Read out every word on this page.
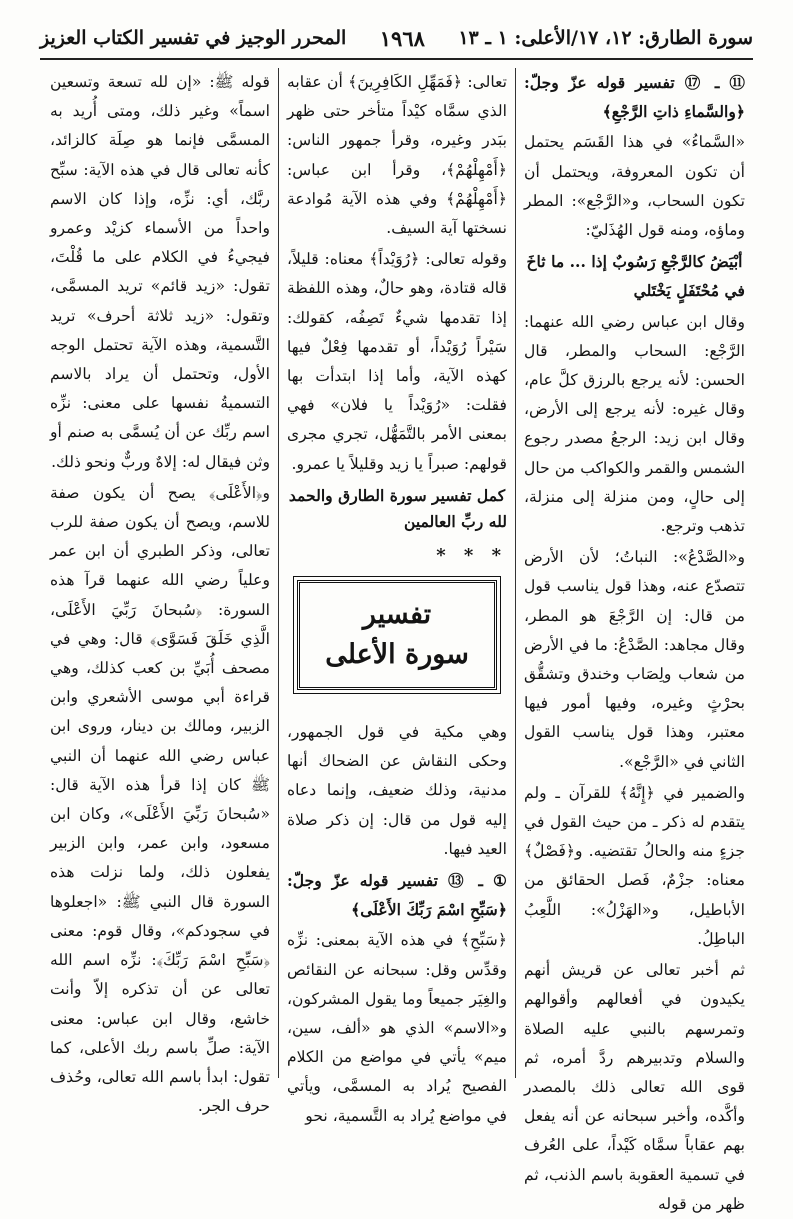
سورة الطارق: ١٢، ١٧/الأعلى: ١ ـ ١٣
١٩٦٨
المحرر الوجيز في تفسير الكتاب العزيز

⑪ ـ ⑰ تفسير قوله عزّ وجلّ: ﴿والسَّماءِ ذاتِ الرَّجْعِ﴾

«السَّماءُ» في هذا القَسَم يحتمل أن تكون المعروفة، ويحتمل أن تكون السحاب، و«الرَّجْع»: المطر وماؤه، ومنه قول الهُذَليّ:

أبْيَضُ كالرَّجْعِ رَسُوبٌ إذا ... ما ثاخَ في مُحْتَفَلٍ يَخْتَلي

وقال ابن عباس رضي الله عنهما: الرَّجْع: السحاب والمطر، قال الحسن: لأنه يرجع بالرزق كلَّ عام، وقال غيره: لأنه يرجع إلى الأرض، وقال ابن زيد: الرجعُ مصدر رجوع الشمس والقمر والكواكب من حال إلى حالٍ، ومن منزلة إلى منزلة، تذهب وترجع.

و«الصَّدْعُ»: النباتُ؛ لأن الأرض تتصدّع عنه، وهذا قول يناسب قول من قال: إن الرَّجْعَ هو المطر، وقال مجاهد: الصَّدْعُ: ما في الأرض من شعاب ولِصَاب وخندق وتشقُّق بحرْثٍ وغيره، وفيها أمور فيها معتبر، وهذا قول يناسب القول الثاني في «الرَّجْع».

والضمير في ﴿إِنَّهُ﴾ للقرآن ـ ولم يتقدم له ذكر ـ من حيث القول في جزءٍ منه والحالُ تقتضيه. و﴿فَصْلٌ﴾ معناه: جزْمٌ، فَصل الحقائق من الأباطيل، و«الهَزْلُ»: اللَّعِبُ الباطِلُ.

ثم أخبر تعالى عن قريش أنهم يكيدون في أفعالهم وأقوالهم وتمرسهم بالنبي عليه الصلاة والسلام وتدبيرهم ردَّ أمره، ثم قوى الله تعالى ذلك بالمصدر وأكَّده، وأخبر سبحانه عن أنه يفعل بهم عقاباً سمَّاه كَيْداً، على العُرف في تسمية العقوبة باسم الذنب، ثم ظهر من قوله

تعالى: ﴿فَمَهِّلِ الكَافِرِينَ﴾ أن عقابه الذي سمَّاه كيْداً متأخر حتى ظهر ببَدر وغيره، وقرأ جمهور الناس: ﴿أَمْهِلْهُمْ﴾، وقرأ ابن عباس: ﴿أَمْهِلْهُمْ﴾ وفي هذه الآية مُوادعة نسختها آية السيف.

وقوله تعالى: ﴿رُوَيْداً﴾ معناه: قليلاً، قاله قتادة، وهو حالٌ، وهذه اللفظة إذا تقدمها شيءٌ تَصِفُه، كقولك: سَيْراً رُوَيْداً، أو تقدمها فِعْلٌ فيها كهذه الآية، وأما إذا ابتدأت بها فقلت: «رُوَيْداً يا فلان» فهي بمعنى الأمر بالتَّمَهُّل، تجري مجرى قولهم: صبراً يا زيد وقليلاً يا عمرو.

كمل تفسير سورة الطارق والحمد لله ربِّ العالمين
* * *
تفسير
سورة الأعلى

وهي مكية في قول الجمهور، وحكى النقاش عن الضحاك أنها مدنية، وذلك ضعيف، وإنما دعاه إليه قول من قال: إن ذكر صلاة العيد فيها.

① ـ ⑬ تفسير قوله عزّ وجلّ: ﴿سَبِّحِ اسْمَ رَبِّكَ الأَعْلَى﴾

﴿سَبِّحِ﴾ في هذه الآية بمعنى: نزِّه وقدِّس وقل: سبحانه عن النقائص والغِيَر جميعاً وما يقول المشركون، و«الاسم» الذي هو «ألف، سين، ميم» يأتي في مواضع من الكلام الفصيح يُراد به المسمَّى، ويأتي في مواضع يُراد به التَّسمية، نحو

قوله ﷺ: «إن لله تسعة وتسعين اسماً» وغير ذلك، ومتى أُريد به المسمَّى فإنما هو صِلَة كالزائد، كأنه تعالى قال في هذه الآية: سبِّح ربَّك، أي: نزِّه، وإذا كان الاسم واحداً من الأسماء كزيْد وعمرو فيجيءُ في الكلام على ما قُلْتَ، تقول: «زيد قائم» تريد المسمَّى، وتقول: «زيد ثلاثة أحرف» تريد التَّسمية، وهذه الآية تحتمل الوجه الأول، وتحتمل أن يراد بالاسم التسميةُ نفسها على معنى: نزِّه اسم ربِّك عن أن يُسمَّى به صنم أو وثن فيقال له: إلاهٌ وربٌّ ونحو ذلك.

و﴿الأَعْلَى﴾ يصح أن يكون صفة للاسم، ويصح أن يكون صفة للرب تعالى، وذكر الطبري أن ابن عمر وعلياً رضي الله عنهما قرآ هذه السورة: ﴿سُبحانَ رَبِّيَ الأَعْلَى، الَّذِي خَلَقَ فَسَوَّى﴾ قال: وهي في مصحف أُبَيِّ بن كعب كذلك، وهي قراءة أبي موسى الأشعري وابن الزبير، ومالك بن دينار، وروى ابن عباس رضي الله عنهما أن النبي ﷺ كان إذا قرأ هذه الآية قال: «سُبحانَ رَبِّيَ الأَعْلَى»، وكان ابن مسعود، وابن عمر، وابن الزبير يفعلون ذلك، ولما نزلت هذه السورة قال النبي ﷺ: «اجعلوها في سجودكم»، وقال قوم: معنى ﴿سَبِّحِ اسْمَ رَبِّكَ﴾: نزِّه اسم الله تعالى عن أن تذكره إلاّ وأنت خاشع، وقال ابن عباس: معنى الآية: صلِّ باسم ربك الأعلى، كما تقول: ابدأ باسم الله تعالى، وحُذف حرف الجر.
